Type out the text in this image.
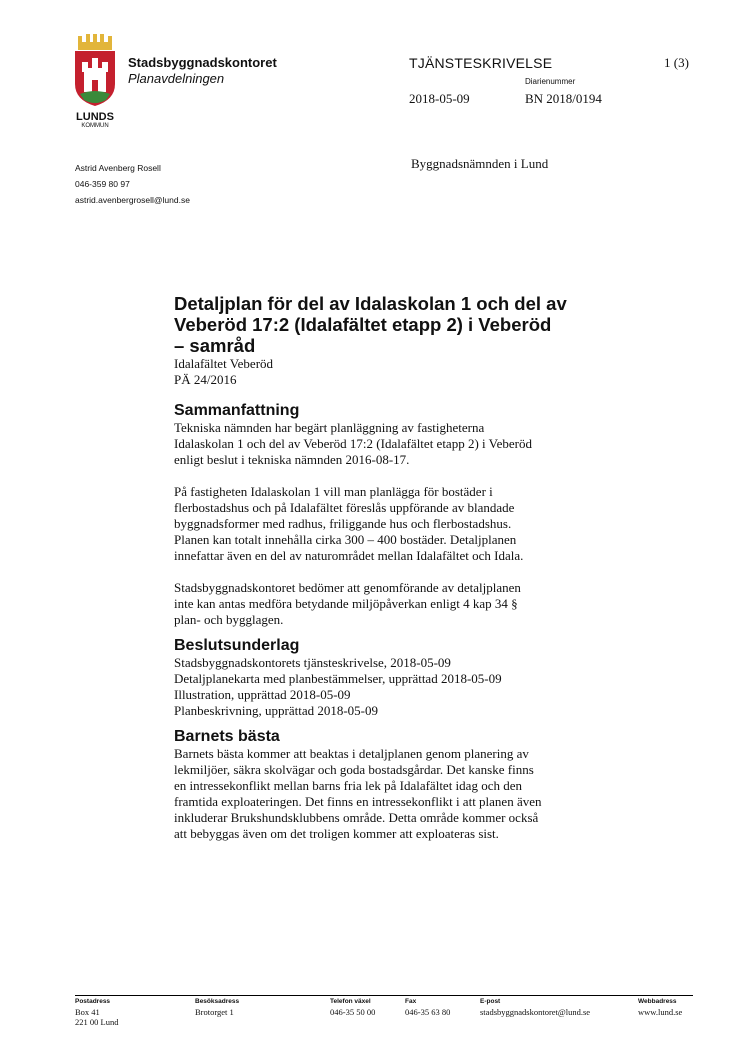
LUNDS
KOMMUN
Stadsbyggnadskontoret
Planavdelningen
TJÄNSTESKRIVELSE	1 (3)
Diarienummer
2018-05-09	BN 2018/0194
Astrid Avenberg Rosell
046-359 80 97
astrid.avenbergrosell@lund.se
Byggnadsnämnden i Lund
Detaljplan för del av Idalaskolan 1 och del av
Veberöd 17:2 (Idalafältet etapp 2) i Veberöd
– samråd
Idalafältet Veberöd
PÄ 24/2016
Sammanfattning
Tekniska nämnden har begärt planläggning av fastigheterna
Idalaskolan 1 och del av Veberöd 17:2 (Idalafältet etapp 2) i Veberöd
enligt beslut i tekniska nämnden 2016-08-17.
På fastigheten Idalaskolan 1 vill man planlägga för bostäder i
flerbostadshus och på Idalafältet föreslås uppförande av blandade
byggnadsformer med radhus, friliggande hus och flerbostadshus.
Planen kan totalt innehålla cirka 300 – 400 bostäder. Detaljplanen
innefattar även en del av naturområdet mellan Idalafältet och Idala.
Stadsbyggnadskontoret bedömer att genomförande av detaljplanen
inte kan antas medföra betydande miljöpåverkan enligt 4 kap 34 §
plan- och bygglagen.
Beslutsunderlag
Stadsbyggnadskontorets tjänsteskrivelse, 2018-05-09
Detaljplanekarta med planbestämmelser, upprättad 2018-05-09
Illustration, upprättad 2018-05-09
Planbeskrivning, upprättad 2018-05-09
Barnets bästa
Barnets bästa kommer att beaktas i detaljplanen genom planering av
lekmiljöer, säkra skolvägar och goda bostadsgårdar. Det kanske finns
en intressekonflikt mellan barns fria lek på Idalafältet idag och den
framtida exploateringen. Det finns en intressekonflikt i att planen även
inkluderar Brukshundsklubbens område. Detta område kommer också
att bebyggas även om det troligen kommer att exploateras sist.
Postadress
Box 41
221 00 Lund
Besöksadress
Brotorget 1
Telefon växel
046-35 50 00
Fax
046-35 63 80
E-post
stadsbyggnadskontoret@lund.se
Webbadress
www.lund.se
